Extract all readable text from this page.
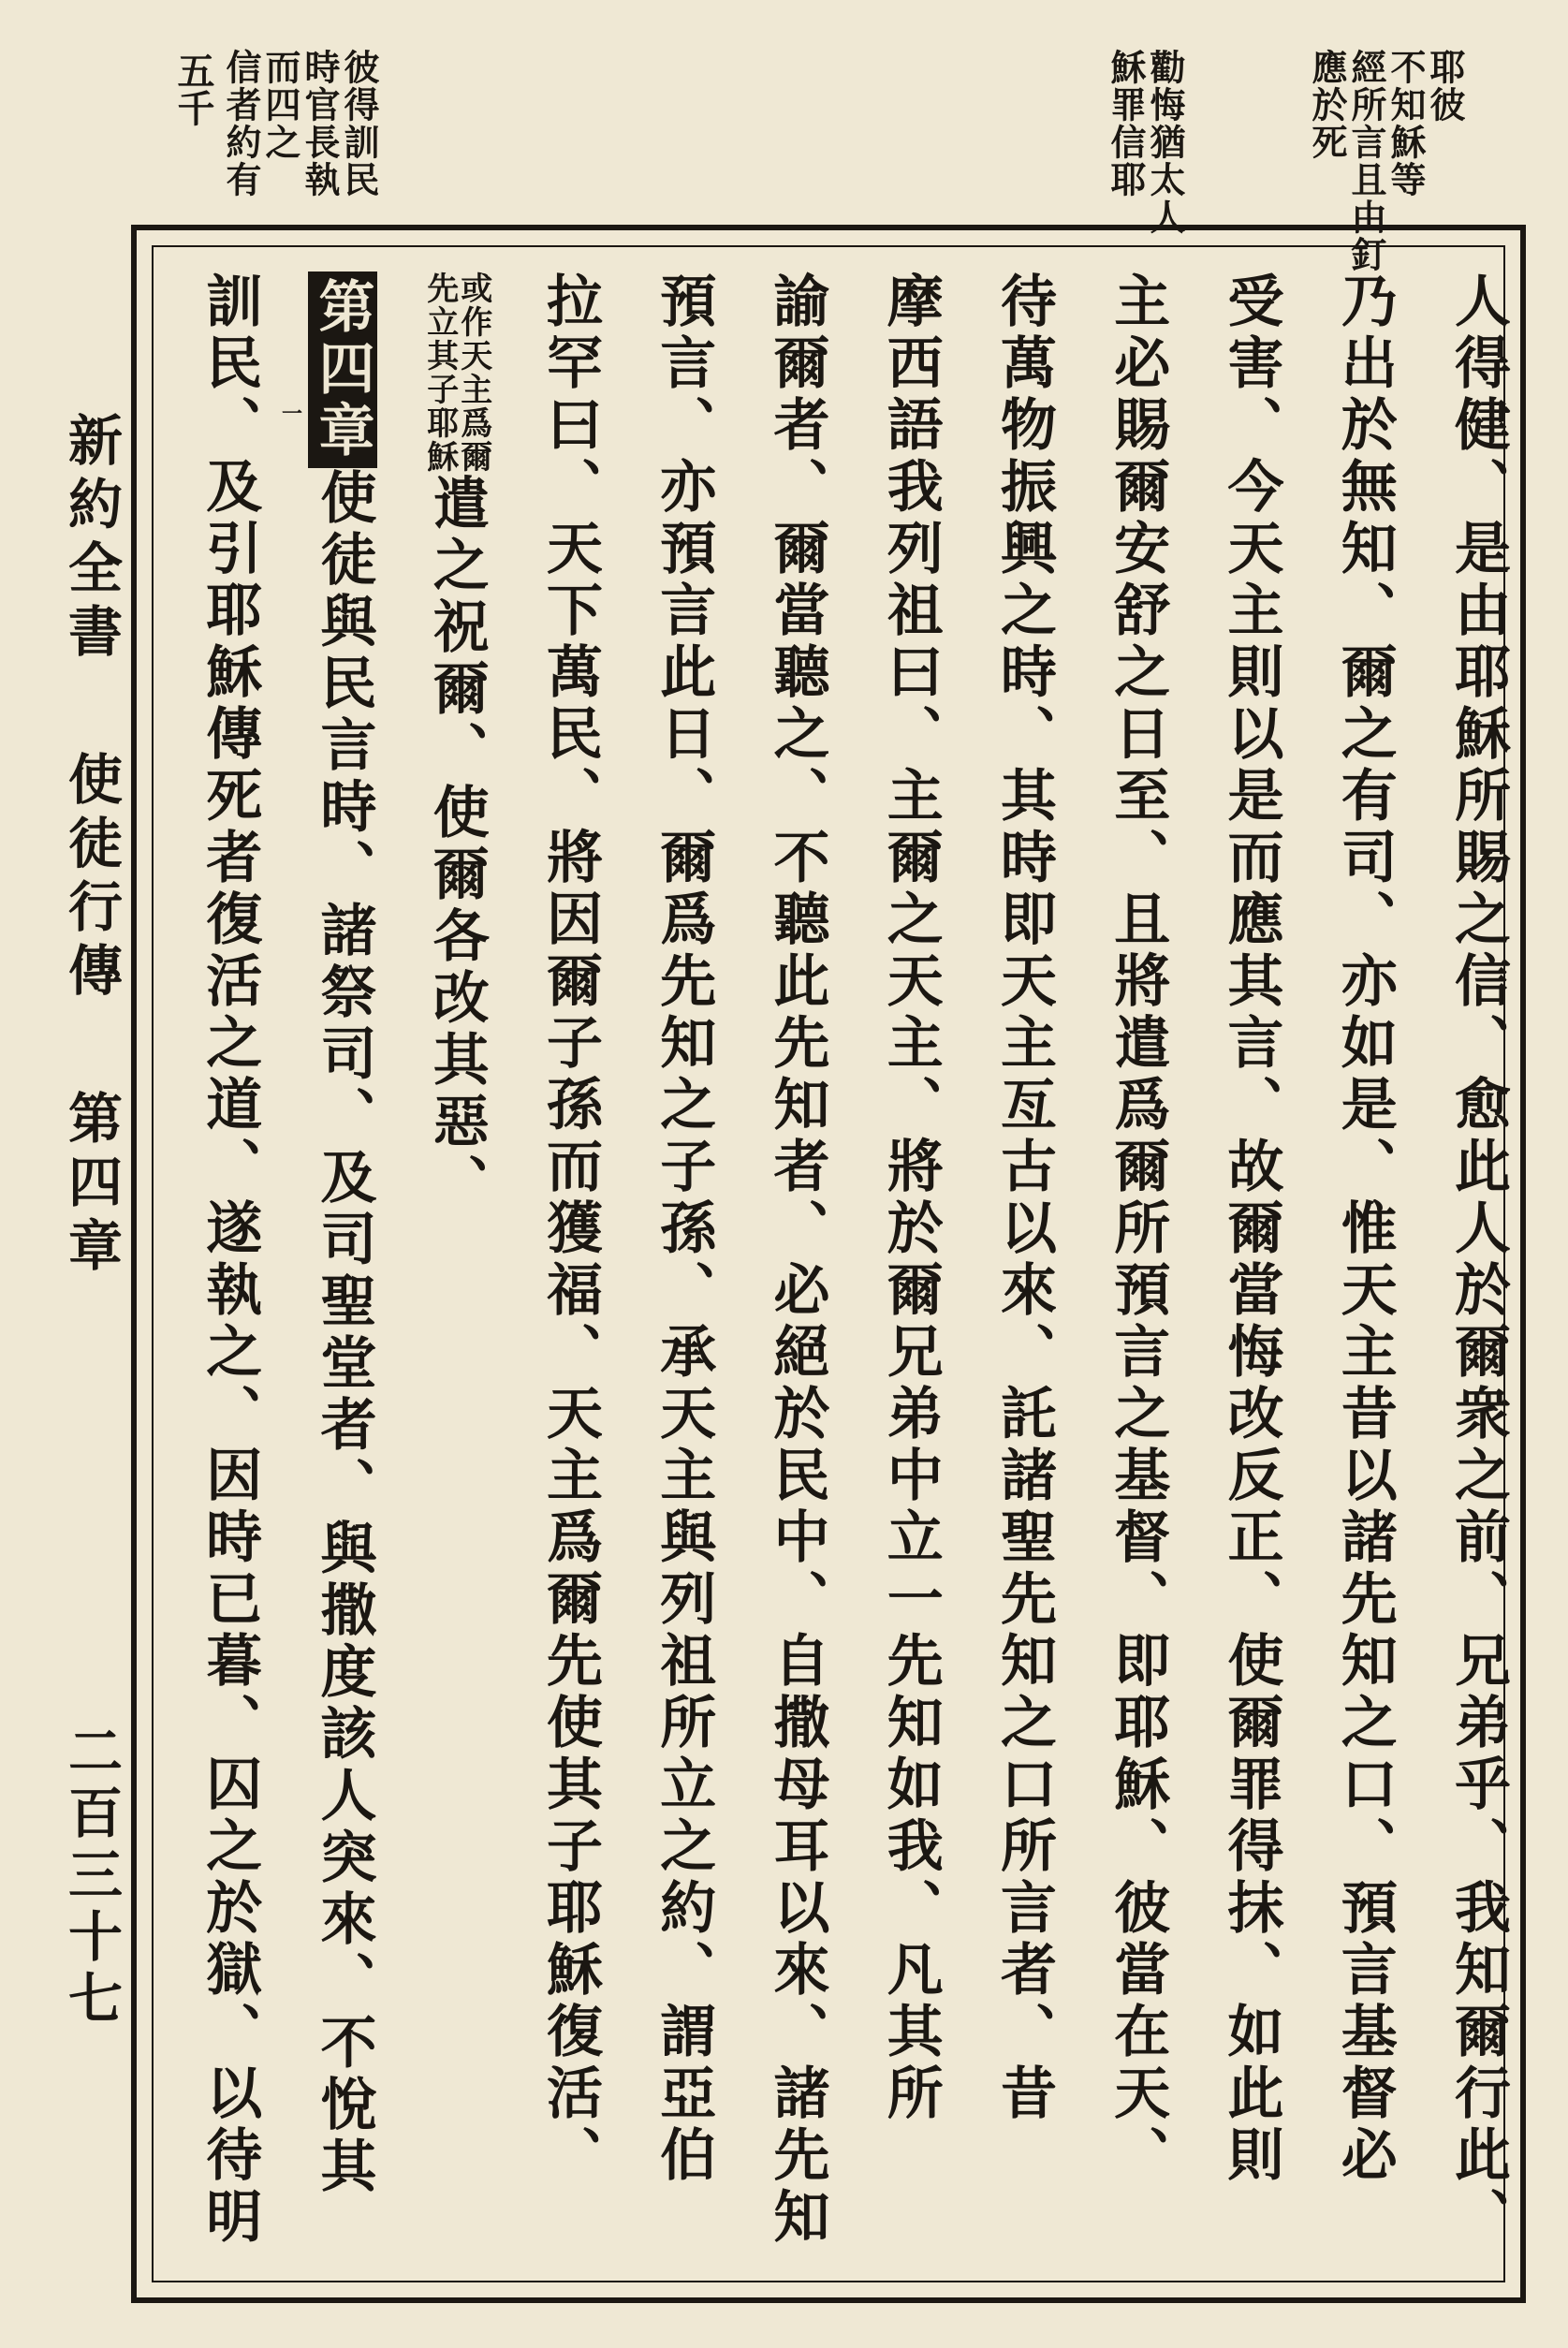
耶彼
不知穌等
經所言且由釘
應於死
勸悔猶太人
穌罪信耶
彼得訓民
時官長執
而四之
信者約有
五千
人得健、是由耶穌所賜之信、愈此人於爾衆之前、兄弟乎、我知爾行此、
乃出於無知、爾之有司、亦如是、惟天主昔以諸先知之口、預言基督必
受害、今天主則以是而應其言、故爾當悔改反正、使爾罪得抹、如此則
主必賜爾安舒之日至、且將遣爲爾所預言之基督、即耶穌、彼當在天、
待萬物振興之時、其時即天主亙古以來、託諸聖先知之口所言者、昔
摩西語我列祖曰、主爾之天主、將於爾兄弟中立一先知如我、凡其所
諭爾者、爾當聽之、不聽此先知者、必絕於民中、自撒母耳以來、諸先知
預言、亦預言此日、爾爲先知之子孫、承天主與列祖所立之約、謂亞伯
拉罕曰、天下萬民、將因爾子孫而獲福、天主爲爾先使其子耶穌復活、
或作天主爲爾
先立其子耶穌
遣之祝爾、使爾各改其惡、
第四章
使徒與民言時、諸祭司、及司聖堂者、與撒度該人突來、不悅其
一
訓民、及引耶穌傳死者復活之道、遂執之、因時已暮、囚之於獄、以待明
新約全書 使徒行傳 第四章
二百三十七
